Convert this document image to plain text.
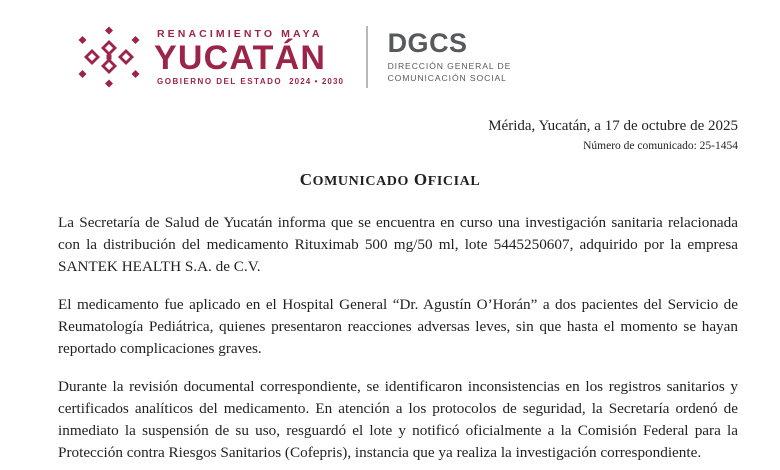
RENACIMIENTO MAYA
YUCATÁN
GOBIERNO DEL ESTADO 2024 • 2030
DGCS
DIRECCIÓN GENERAL DE
COMUNICACIÓN SOCIAL
Mérida, Yucatán, a 17 de octubre de 2025
Número de comunicado: 25-1454
COMUNICADO OFICIAL

La Secretaría de Salud de Yucatán informa que se encuentra en curso una investigación sanitaria relacionada con la distribución del medicamento Rituximab 500 mg/50 ml, lote 5445250607, adquirido por la empresa SANTEK HEALTH S.A. de C.V.

El medicamento fue aplicado en el Hospital General “Dr. Agustín O’Horán” a dos pacientes del Servicio de Reumatología Pediátrica, quienes presentaron reacciones adversas leves, sin que hasta el momento se hayan reportado complicaciones graves.

Durante la revisión documental correspondiente, se identificaron inconsistencias en los registros sanitarios y certificados analíticos del medicamento. En atención a los protocolos de seguridad, la Secretaría ordenó de inmediato la suspensión de su uso, resguardó el lote y notificó oficialmente a la Comisión Federal para la Protección contra Riesgos Sanitarios (Cofepris), instancia que ya realiza la investigación correspondiente.
